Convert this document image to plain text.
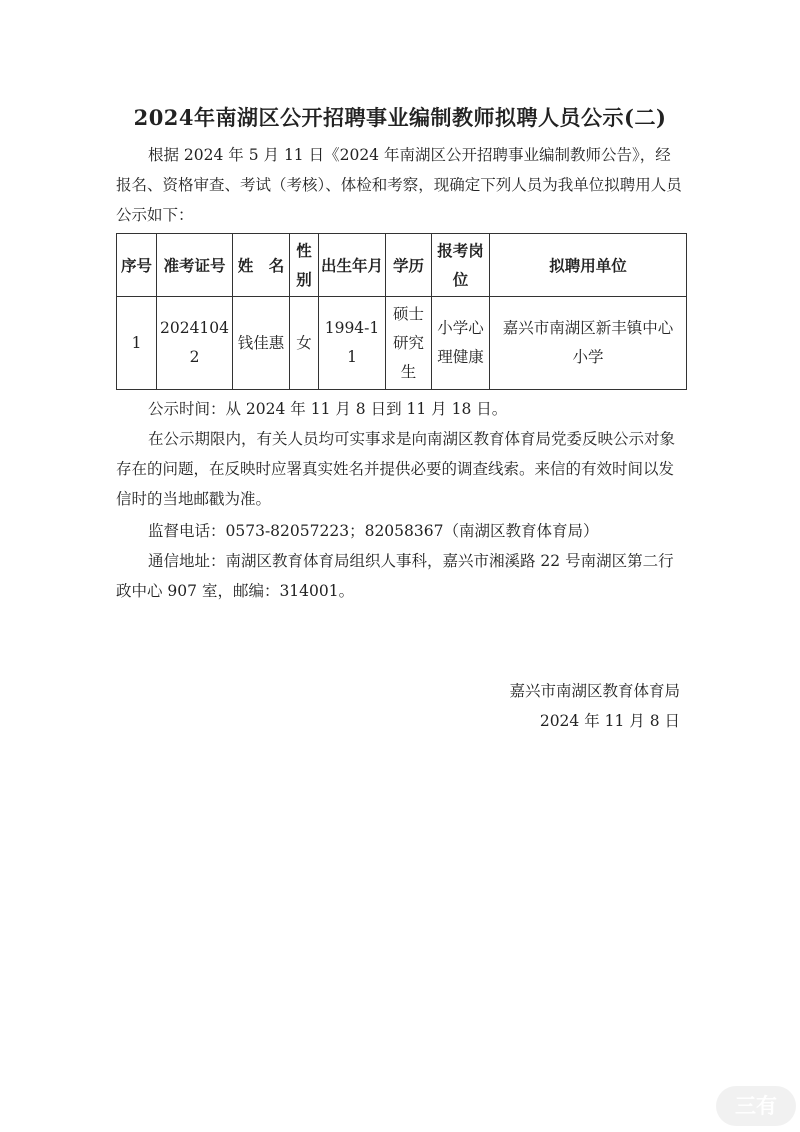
2024年南湖区公开招聘事业编制教师拟聘人员公示(二)

根据 2024 年 5 月 11 日《2024 年南湖区公开招聘事业编制教师公告》，经报名、资格审查、考试（考核）、体检和考察，现确定下列人员为我单位拟聘用人员公示如下：

序号	准考证号	姓　名	性别	出生年月	学历	报考岗位	拟聘用单位
1	20241042	钱佳惠	女	1994-11	硕士研究生	小学心理健康	嘉兴市南湖区新丰镇中心小学

公示时间：从 2024 年 11 月 8 日到 11 月 18 日。

在公示期限内，有关人员均可实事求是向南湖区教育体育局党委反映公示对象存在的问题，在反映时应署真实姓名并提供必要的调查线索。来信的有效时间以发信时的当地邮戳为准。

监督电话：0573-82057223；82058367（南湖区教育体育局）

通信地址：南湖区教育体育局组织人事科，嘉兴市湘溪路 22 号南湖区第二行政中心 907 室，邮编：314001。

嘉兴市南湖区教育体育局
2024 年 11 月 8 日
三有
